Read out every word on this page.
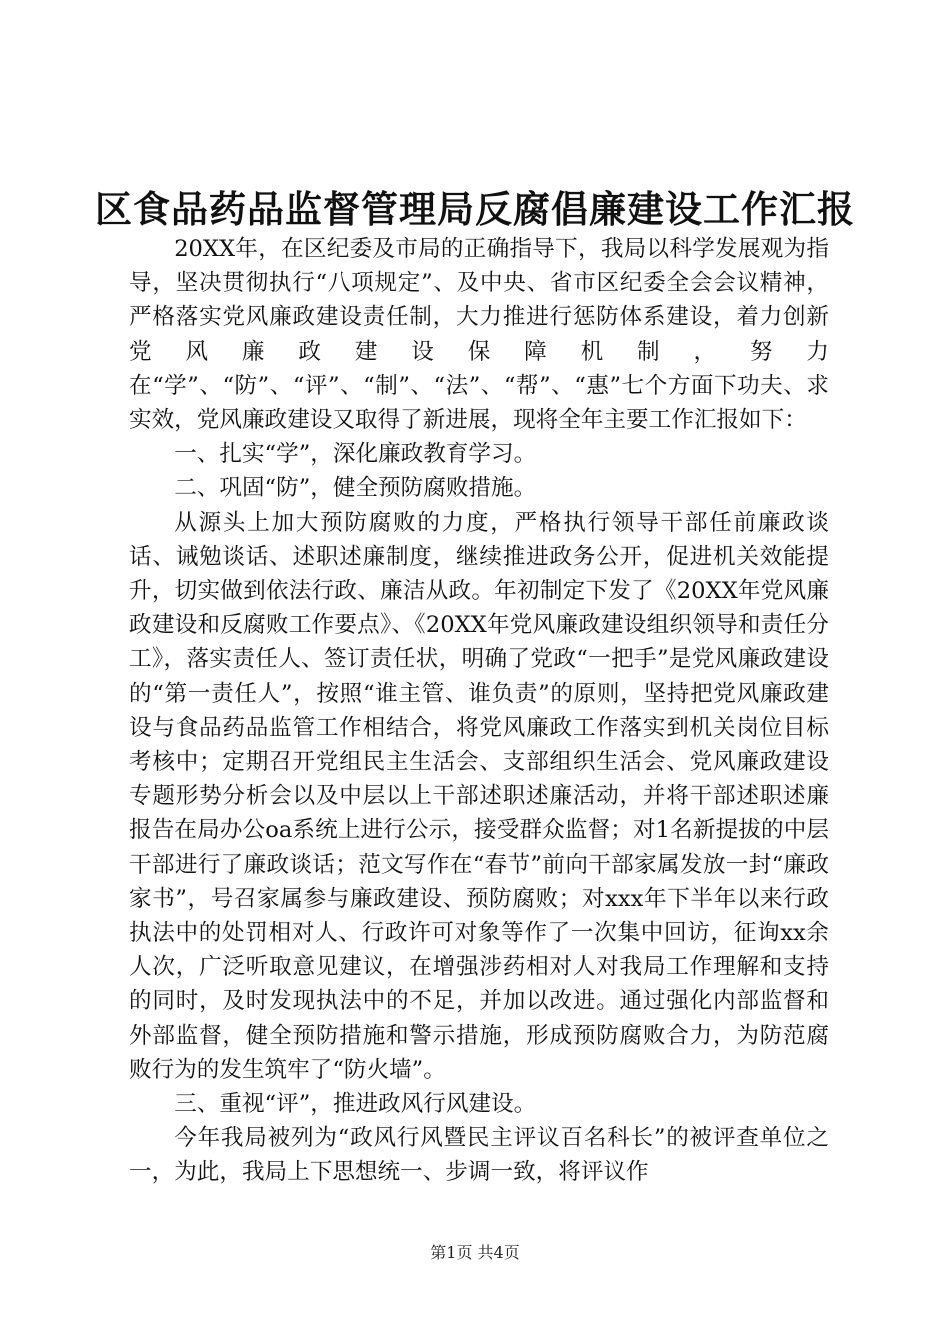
区食品药品监督管理局反腐倡廉建设工作汇报

20XX年，在区纪委及市局的正确指导下，我局以科学发展观为指导，坚决贯彻执行“八项规定”、及中央、省市区纪委全会会议精神，严格落实党风廉政建设责任制，大力推进行惩防体系建设，着力创新党风廉政建设保障机制，努力在“学”、“防”、“评”、“制”、“法”、“帮”、“惠”七个方面下功夫、求实效，党风廉政建设又取得了新进展，现将全年主要工作汇报如下：

一、扎实“学”，深化廉政教育学习。

二、巩固“防”，健全预防腐败措施。

从源头上加大预防腐败的力度，严格执行领导干部任前廉政谈话、诫勉谈话、述职述廉制度，继续推进政务公开，促进机关效能提升，切实做到依法行政、廉洁从政。年初制定下发了《20XX年党风廉政建设和反腐败工作要点》、《20XX年党风廉政建设组织领导和责任分工》，落实责任人、签订责任状，明确了党政“一把手”是党风廉政建设的“第一责任人”，按照“谁主管、谁负责”的原则，坚持把党风廉政建设与食品药品监管工作相结合，将党风廉政工作落实到机关岗位目标考核中；定期召开党组民主生活会、支部组织生活会、党风廉政建设专题形势分析会以及中层以上干部述职述廉活动，并将干部述职述廉报告在局办公oa系统上进行公示，接受群众监督；对1名新提拔的中层干部进行了廉政谈话；范文写作在“春节”前向干部家属发放一封“廉政家书”，号召家属参与廉政建设、预防腐败；对xxx年下半年以来行政执法中的处罚相对人、行政许可对象等作了一次集中回访，征询xx余人次，广泛听取意见建议，在增强涉药相对人对我局工作理解和支持的同时，及时发现执法中的不足，并加以改进。通过强化内部监督和外部监督，健全预防措施和警示措施，形成预防腐败合力，为防范腐败行为的发生筑牢了“防火墙”。

三、重视“评”，推进政风行风建设。

今年我局被列为“政风行风暨民主评议百名科长”的被评查单位之一，为此，我局上下思想统一、步调一致，将评议作

第1页 共4页
